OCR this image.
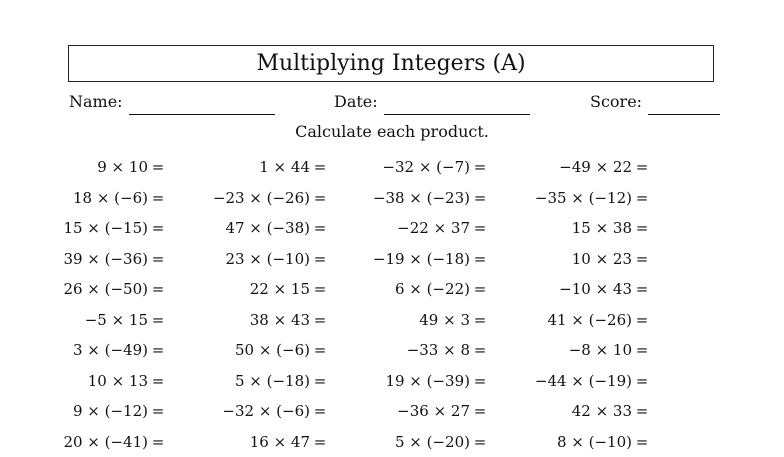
Multiplying Integers (A)
Name:	Date:	Score:
Calculate each product.
9 × 10 =	1 × 44 =	−32 × (−7) =	−49 × 22 =
18 × (−6) =	−23 × (−26) =	−38 × (−23) =	−35 × (−12) =
15 × (−15) =	47 × (−38) =	−22 × 37 =	15 × 38 =
39 × (−36) =	23 × (−10) =	−19 × (−18) =	10 × 23 =
26 × (−50) =	22 × 15 =	6 × (−22) =	−10 × 43 =
−5 × 15 =	38 × 43 =	49 × 3 =	41 × (−26) =
3 × (−49) =	50 × (−6) =	−33 × 8 =	−8 × 10 =
10 × 13 =	5 × (−18) =	19 × (−39) =	−44 × (−19) =
9 × (−12) =	−32 × (−6) =	−36 × 27 =	42 × 33 =
20 × (−41) =	16 × 47 =	5 × (−20) =	8 × (−10) =
